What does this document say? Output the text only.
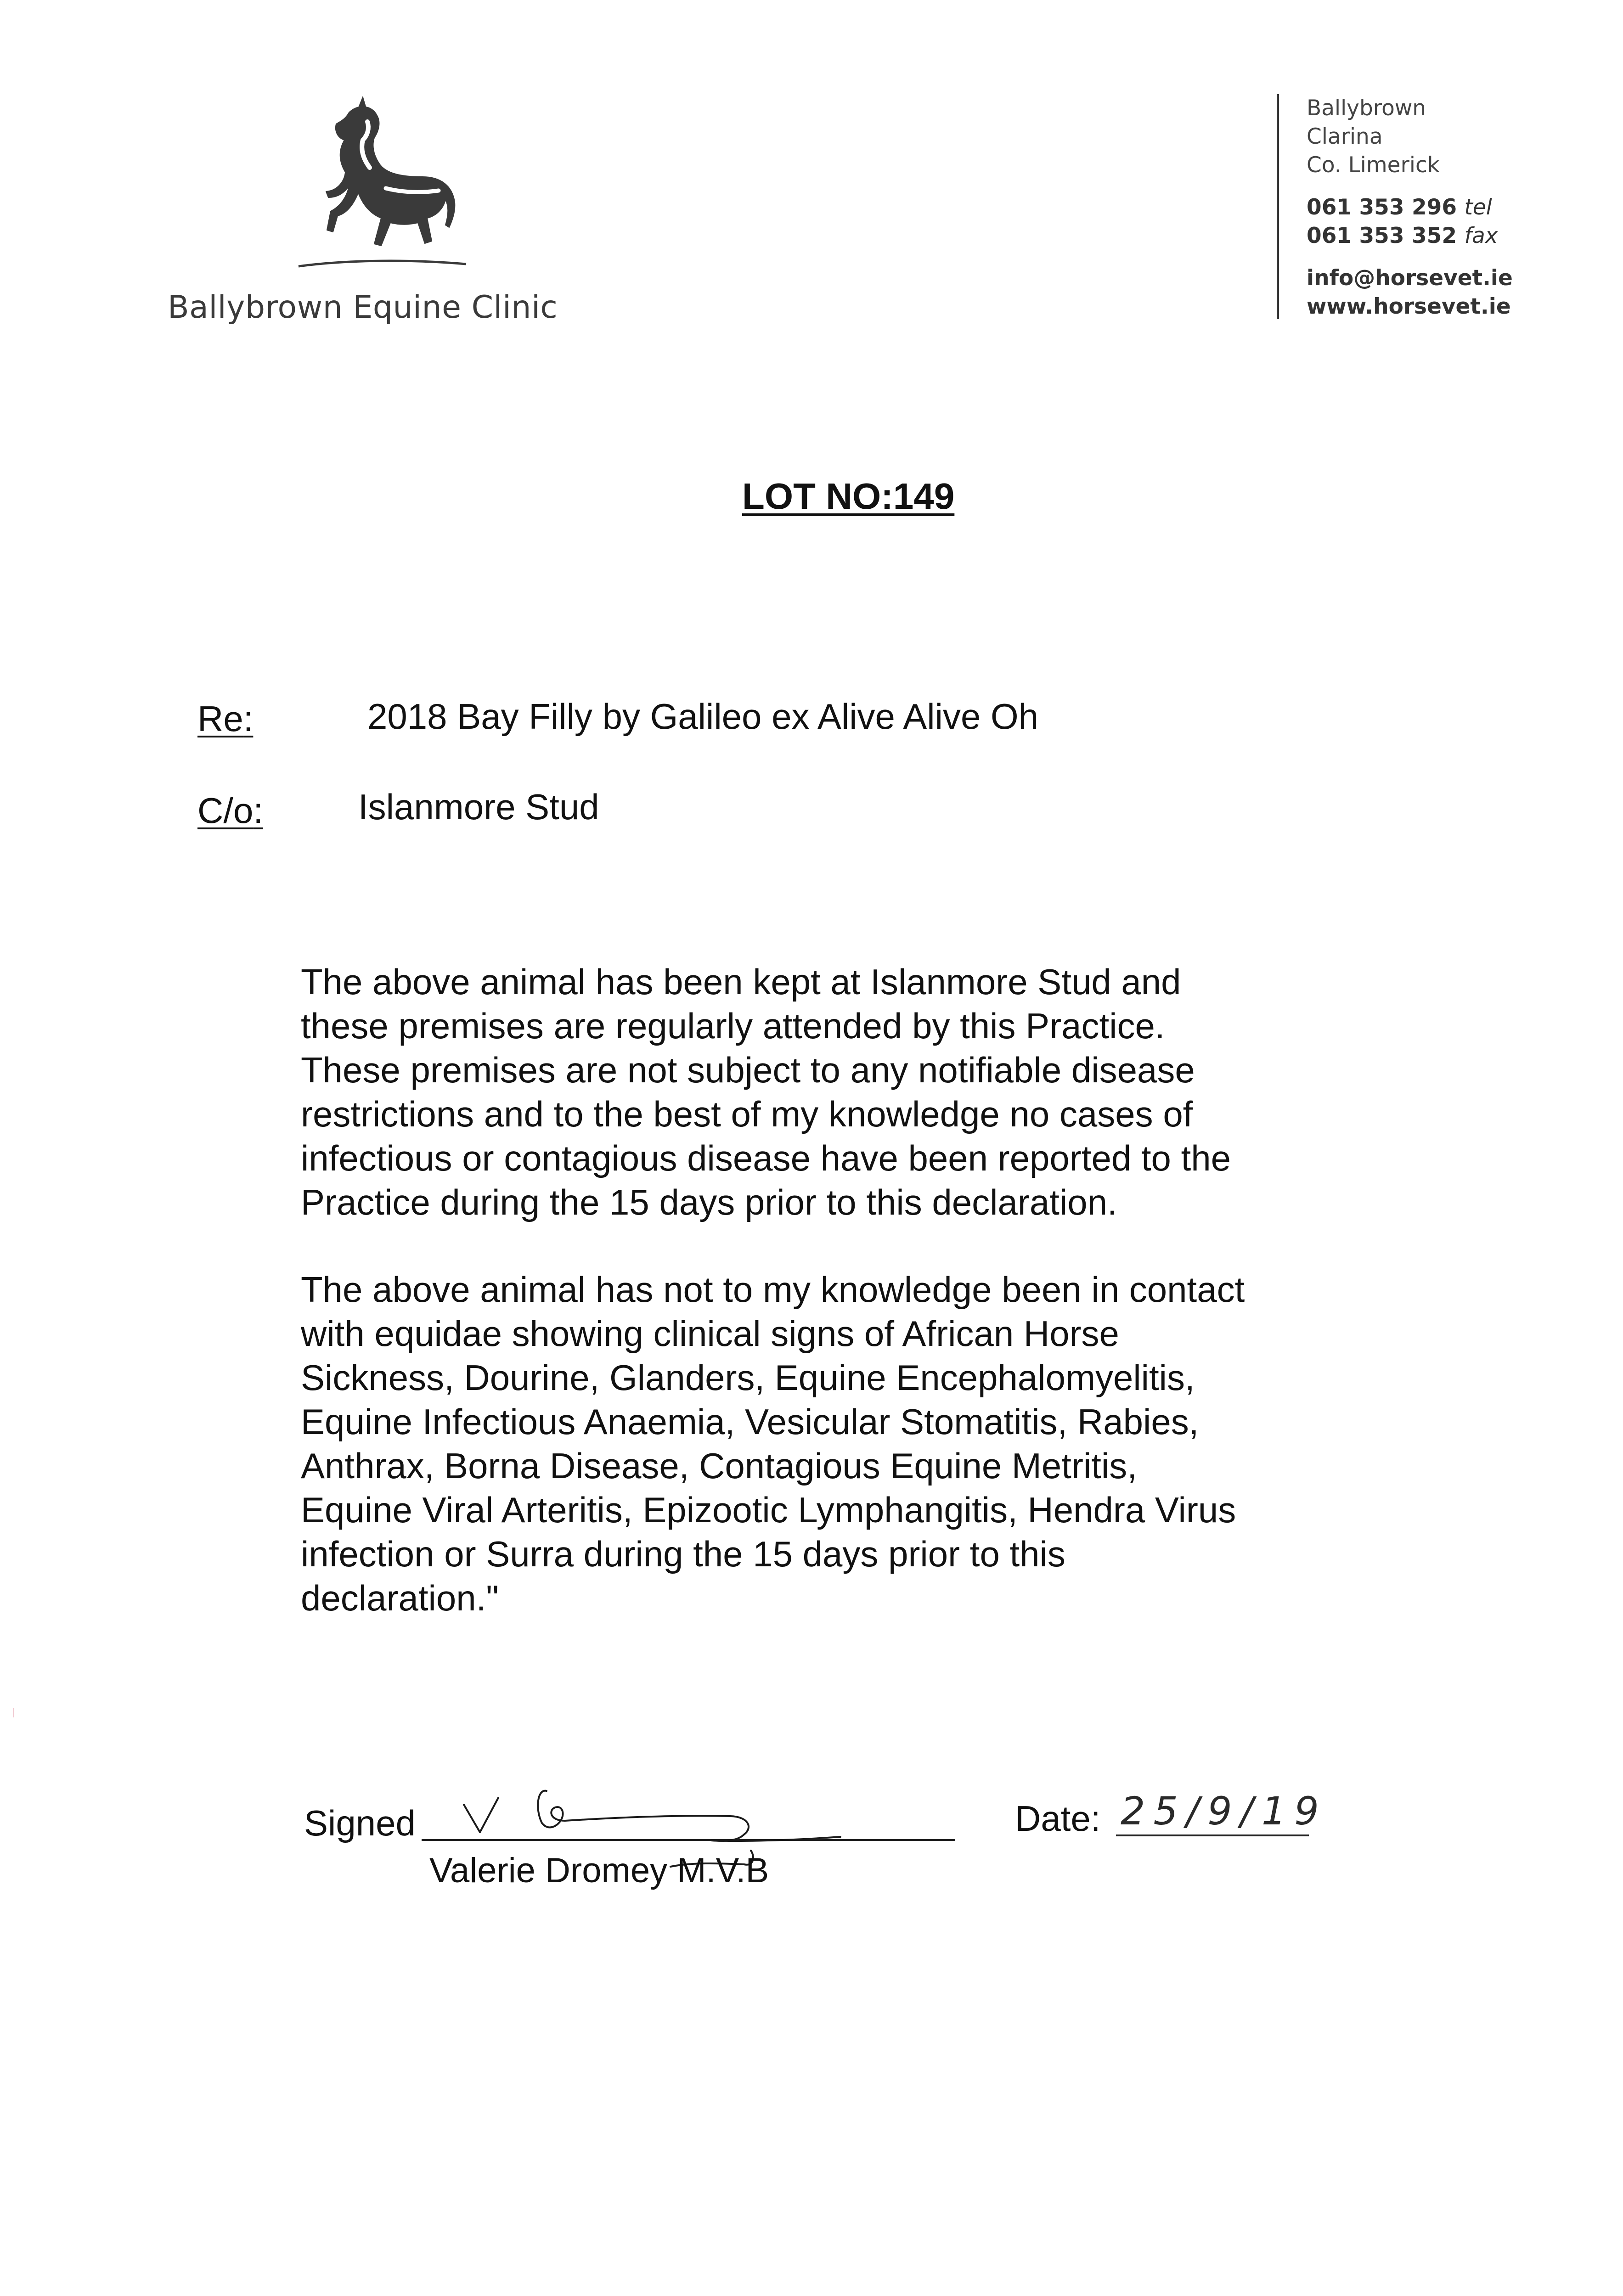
Ballybrown Equine Clinic
Ballybrown
Clarina
Co. Limerick
061 353 296 tel
061 353 352 fax
info@horsevet.ie
www.horsevet.ie
LOT NO:149
Re:	2018 Bay Filly by Galileo ex Alive Alive Oh
C/o:	Islanmore Stud
The above animal has been kept at Islanmore Stud and
these premises are regularly attended by this Practice.
These premises are not subject to any notifiable disease
restrictions and to the best of my knowledge no cases of
infectious or contagious disease have been reported to the
Practice during the 15 days prior to this declaration.
The above animal has not to my knowledge been in contact
with equidae showing clinical signs of African Horse
Sickness, Dourine, Glanders, Equine Encephalomyelitis,
Equine Infectious Anaemia, Vesicular Stomatitis, Rabies,
Anthrax, Borna Disease, Contagious Equine Metritis,
Equine Viral Arteritis, Epizootic Lymphangitis, Hendra Virus
infection or Surra during the 15 days prior to this
declaration."
Signed
Valerie Dromey M.V.B
Date: 25/9/19
